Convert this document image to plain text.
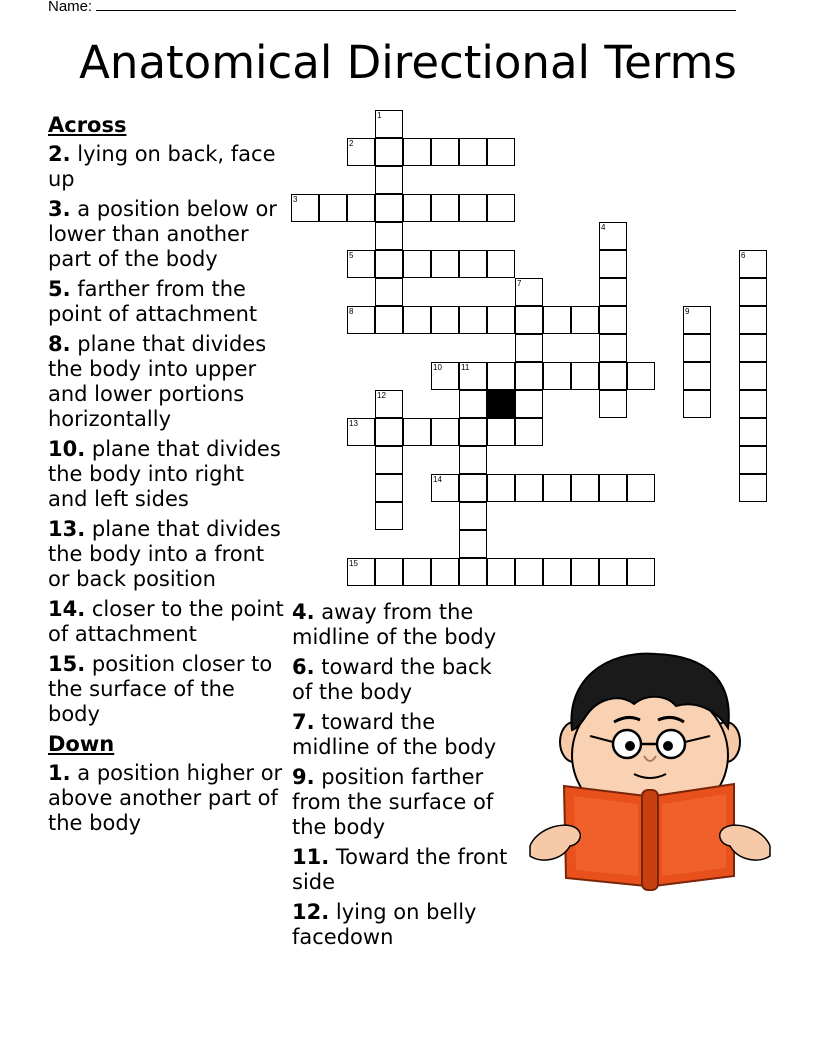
Name:
Anatomical Directional Terms
Across
2. lying on back, face up
3. a position below or lower than another part of the body
5. farther from the point of attachment
8. plane that divides the body into upper and lower portions horizontally
10. plane that divides the body into right and left sides
13. plane that divides the body into a front or back position
14. closer to the point of attachment
15. position closer to the surface of the body
Down
1. a position higher or above another part of the body
4. away from the midline of the body
6. toward the back of the body
7. toward the midline of the body
9. position farther from the surface of the body
11. Toward the front side
12. lying on belly facedown
2
3
5
8
10 11
13
14
15
1
4
6
7
9
12
